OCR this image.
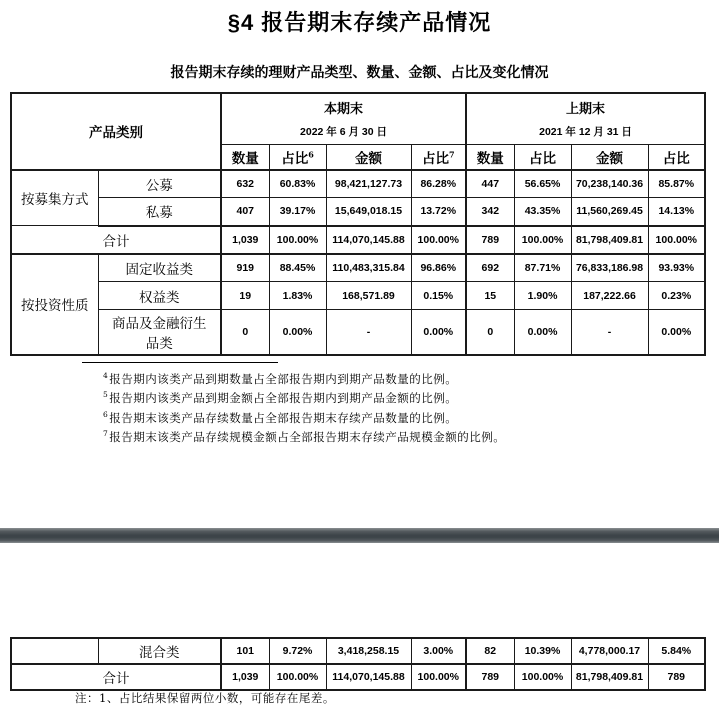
§4 报告期末存续产品情况
报告期末存续的理财产品类型、数量、金额、占比及变化情况
产品类别	
本期末
2022 年 6 月 30 日

上期末
2021 年 12 月 31 日

		数量	占比$^6$	金额	占比$^7$	数量	占比	金额	占比
按募集方式	公募	632	60.83%	98,421,127.73	86.28%	447	56.65%	70,238,140.36	85.87%
	私募	407	39.17%	15,649,018.15	13.72%	342	43.35%	11,560,269.45	14.13%
合计		1,039	100.00%	114,070,145.88	100.00%	789	100.00%	81,798,409.81	100.00%
按投资性质	固定收益类	919	88.45%	110,483,315.84	96.86%	692	87.71%	76,833,186.98	93.93%
	权益类	19	1.83%	168,571.89	0.15%	15	1.90%	187,222.66	0.23%
	商品及金融衍生品类	0	0.00%	-	0.00%	0	0.00%	-	0.00%
$^4$报告期内该类产品到期数量占全部报告期内到期产品数量的比例。
$^5$报告期内该类产品到期金额占全部报告期内到期产品金额的比例。
$^6$报告期末该类产品存续数量占全部报告期末存续产品数量的比例。
$^7$报告期末该类产品存续规模金额占全部报告期末存续产品规模金额的比例。
	混合类	101	9.72%	3,418,258.15	3.00%	82	10.39%	4,778,000.17	5.84%
合计		1,039	100.00%	114,070,145.88	100.00%	789	100.00%	81,798,409.81	789
注：1、占比结果保留两位小数，可能存在尾差。
